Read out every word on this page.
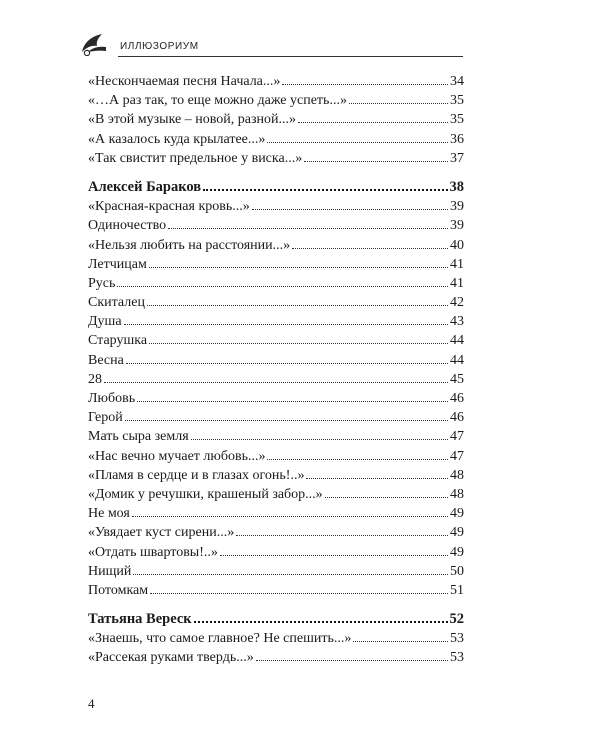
ИЛЛЮЗОРИУМ
«Нескончаемая песня Начала...»	34
«…А раз так, то еще можно даже успеть...»	35
«В этой музыке – новой, разной...»	35
«А казалось куда крылатее...»	36
«Так свистит предельное у виска...»	37
Алексей Бараков	38
«Красная-красная кровь...»	39
Одиночество	39
«Нельзя любить на расстоянии...»	40
Летчицам	41
Русь	41
Скиталец	42
Душа	43
Старушка	44
Весна	44
28	45
Любовь	46
Герой	46
Мать сыра земля	47
«Нас вечно мучает любовь...»	47
«Пламя в сердце и в глазах огонь!..»	48
«Домик у речушки, крашеный забор...»	48
Не моя	49
«Увядает куст сирени...»	49
«Отдать швартовы!..»	49
Нищий	50
Потомкам	51
Татьяна Вереск	52
«Знаешь, что самое главное? Не спешить...»	53
«Рассекая руками твердь...»	53
4
